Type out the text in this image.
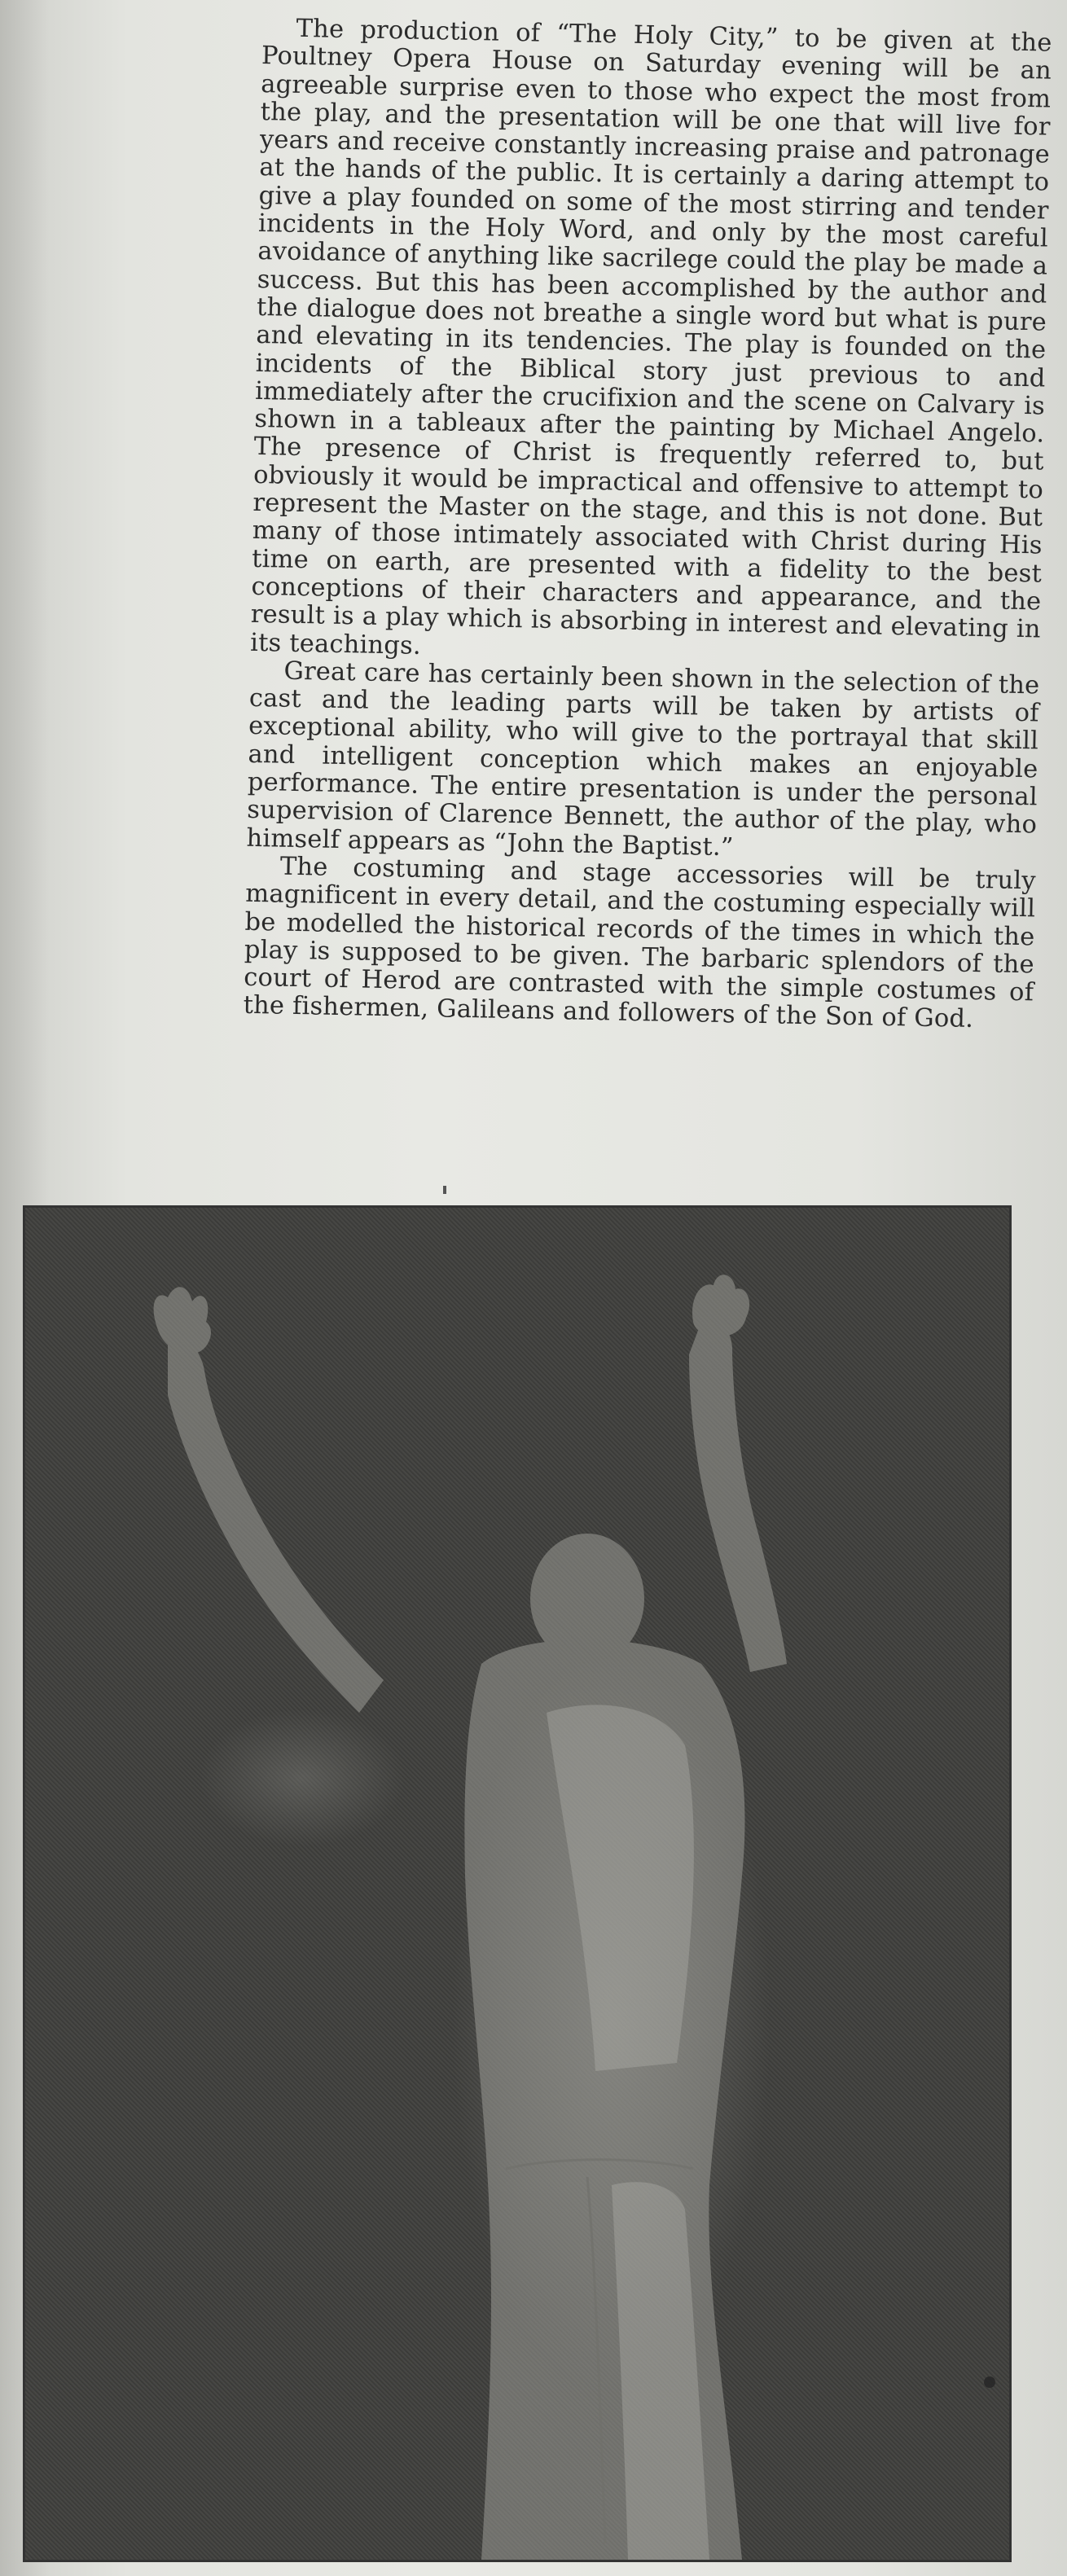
The production of “The Holy City,” to be given at the Poultney Opera House on Saturday evening will be an agreeable surprise even to those who expect the most from the play, and the presentation will be one that will live for years and receive constantly increasing praise and patronage at the hands of the public. It is certainly a daring attempt to give a play founded on some of the most stirring and tender incidents in the Holy Word, and only by the most careful avoidance of anything like sacrilege could the play be made a success. But this has been accomplished by the author and the dialogue does not breathe a single word but what is pure and elevating in its tendencies. The play is founded on the incidents of the Biblical story just previous to and immediately after the crucifixion and the scene on Calvary is shown in a tableaux after the painting by Michael Angelo. The presence of Christ is frequently referred to, but obviously it would be impractical and offensive to attempt to represent the Master on the stage, and this is not done. But many of those intimately associated with Christ during His time on earth, are presented with a fidelity to the best conceptions of their characters and appearance, and the result is a play which is absorbing in interest and elevating in its teachings.

Great care has certainly been shown in the selection of the cast and the leading parts will be taken by artists of exceptional ability, who will give to the portrayal that skill and intelligent conception which makes an enjoyable performance. The entire presentation is under the personal supervision of Clarence Bennett, the author of the play, who himself appears as “John the Baptist.”

The costuming and stage accessories will be truly magnificent in every detail, and the costuming especially will be modelled the historical records of the times in which the play is supposed to be given. The barbaric splendors of the court of Herod are contrasted with the simple costumes of the fishermen, Galileans and followers of the Son of God.
